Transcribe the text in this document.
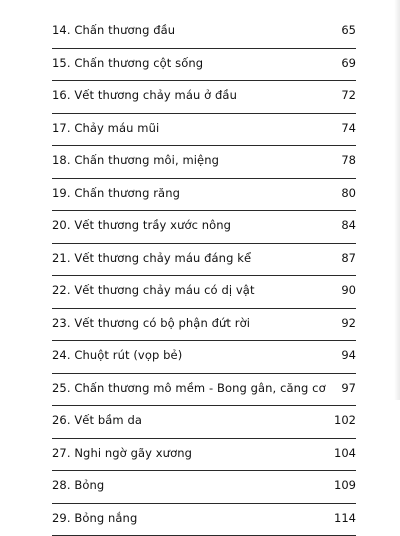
14. Chấn thương đầu	65
15. Chấn thương cột sống	69
16. Vết thương chảy máu ở đầu	72
17. Chảy máu mũi	74
18. Chấn thương môi, miệng	78
19. Chấn thương răng	80
20. Vết thương trầy xước nông	84
21. Vết thương chảy máu đáng kể	87
22. Vết thương chảy máu có dị vật	90
23. Vết thương có bộ phận đứt rời	92
24. Chuột rút (vọp bẻ)	94
25. Chấn thương mô mềm - Bong gân, căng cơ 97
26. Vết bầm da	102
27. Nghi ngờ gãy xương	104
28. Bỏng	109
29. Bỏng nắng	114
